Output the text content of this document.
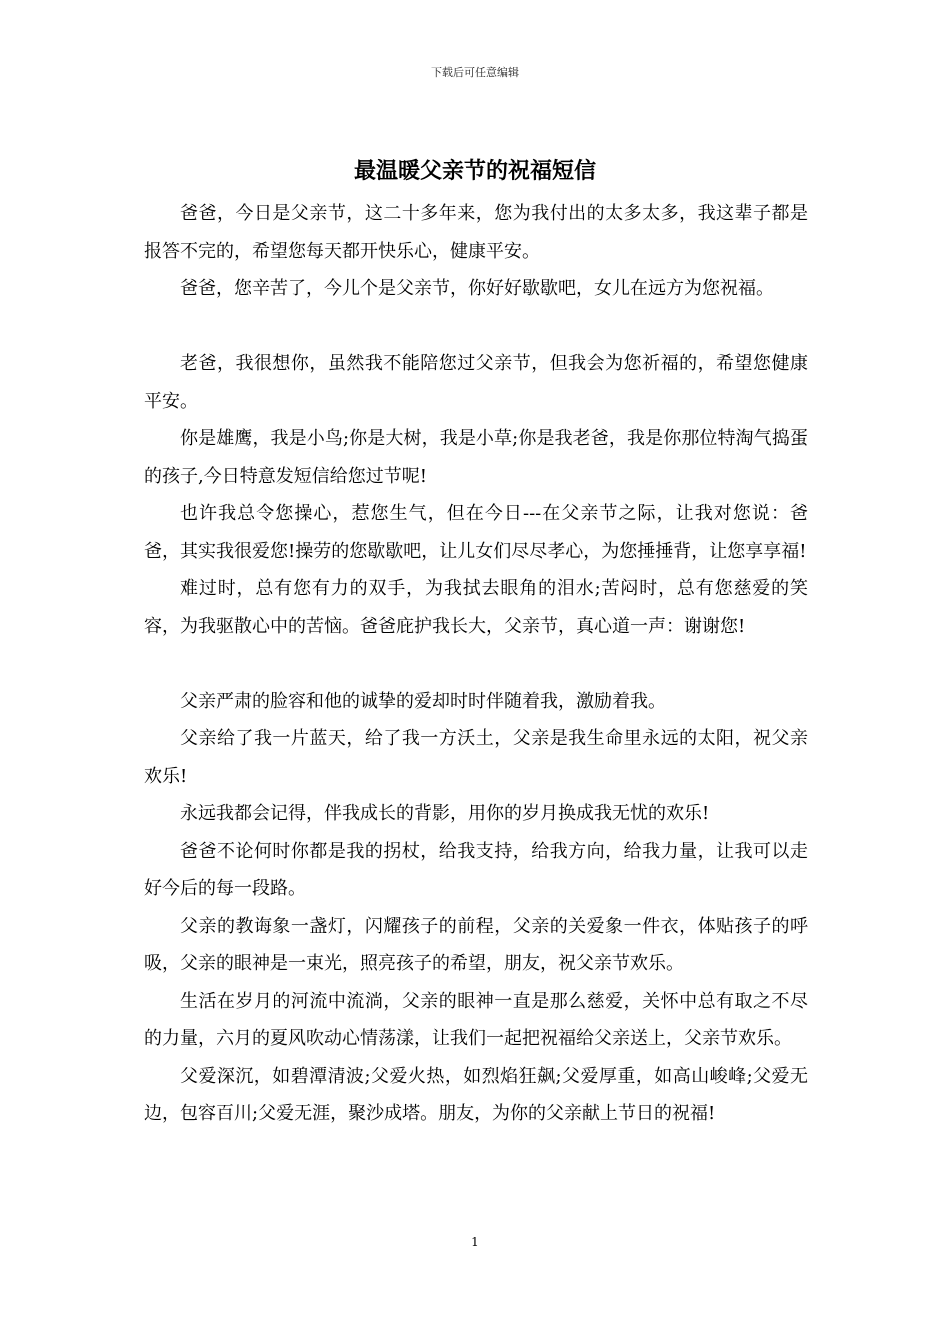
下载后可任意编辑
最温暖父亲节的祝福短信

爸爸，今日是父亲节，这二十多年来，您为我付出的太多太多，我这辈子都是报答不完的，希望您每天都开快乐心，健康平安。

爸爸，您辛苦了，今儿个是父亲节，你好好歇歇吧，女儿在远方为您祝福。

老爸，我很想你，虽然我不能陪您过父亲节，但我会为您祈福的，希望您健康平安。

你是雄鹰，我是小鸟;你是大树，我是小草;你是我老爸，我是你那位特淘气捣蛋的孩子,今日特意发短信给您过节呢!

也许我总令您操心，惹您生气，但在今日---在父亲节之际，让我对您说：爸爸，其实我很爱您!操劳的您歇歇吧，让儿女们尽尽孝心，为您捶捶背，让您享享福!

难过时，总有您有力的双手，为我拭去眼角的泪水;苦闷时，总有您慈爱的笑容，为我驱散心中的苦恼。爸爸庇护我长大，父亲节，真心道一声：谢谢您!

父亲严肃的脸容和他的诚挚的爱却时时伴随着我，激励着我。

父亲给了我一片蓝天，给了我一方沃土，父亲是我生命里永远的太阳，祝父亲欢乐!

永远我都会记得，伴我成长的背影，用你的岁月换成我无忧的欢乐!

爸爸不论何时你都是我的拐杖，给我支持，给我方向，给我力量，让我可以走好今后的每一段路。

父亲的教诲象一盏灯，闪耀孩子的前程，父亲的关爱象一件衣，体贴孩子的呼吸，父亲的眼神是一束光，照亮孩子的希望，朋友，祝父亲节欢乐。

生活在岁月的河流中流淌，父亲的眼神一直是那么慈爱，关怀中总有取之不尽的力量，六月的夏风吹动心情荡漾，让我们一起把祝福给父亲送上，父亲节欢乐。

父爱深沉，如碧潭清波;父爱火热，如烈焰狂飙;父爱厚重，如高山峻峰;父爱无边，包容百川;父爱无涯，聚沙成塔。朋友，为你的父亲献上节日的祝福!

1
